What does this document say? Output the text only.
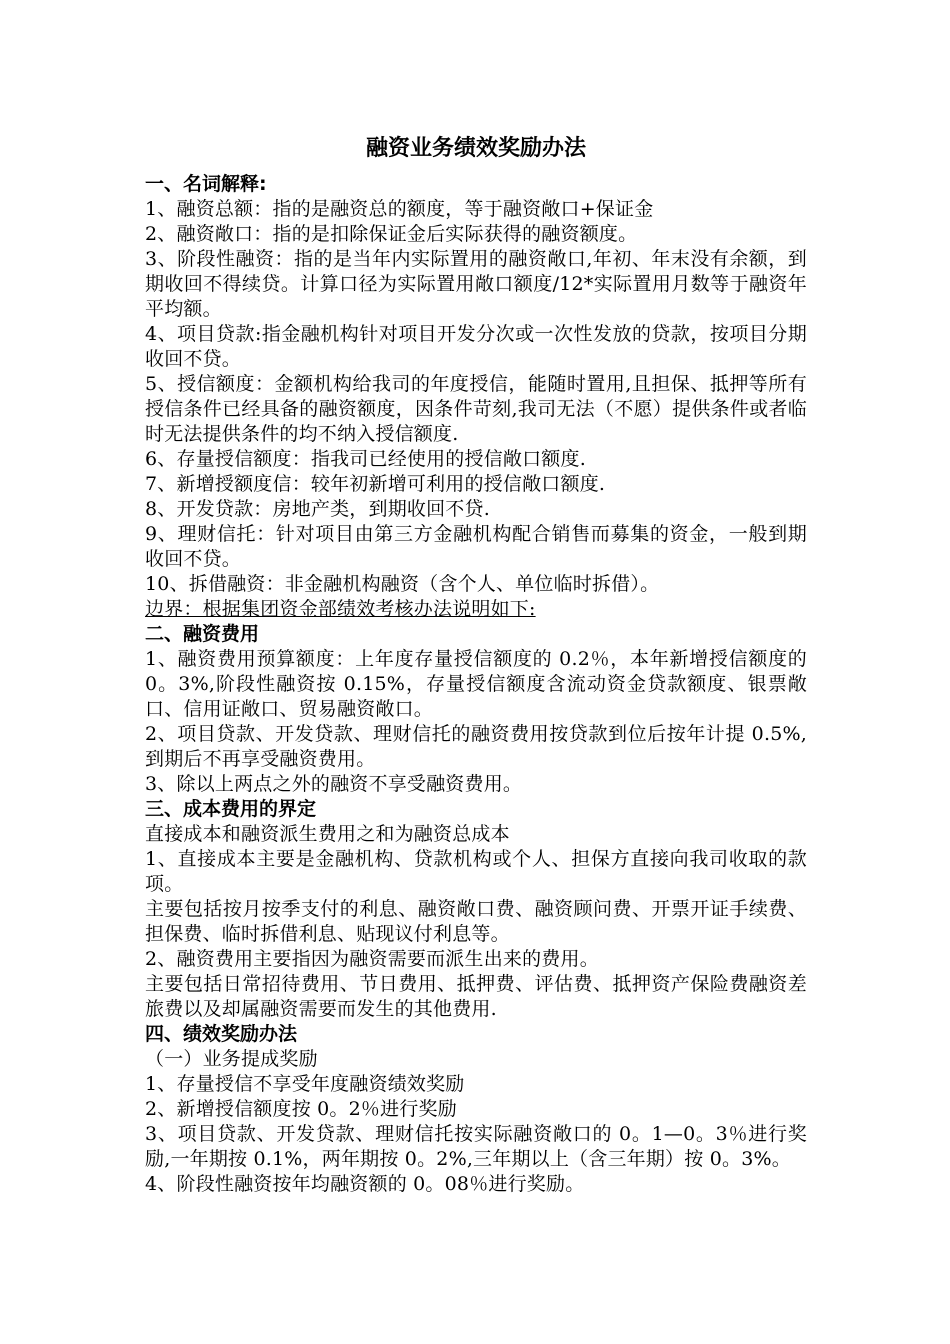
融资业务绩效奖励办法

一、名词解释:

1、融资总额：指的是融资总的额度，等于融资敞口+保证金

2、融资敞口：指的是扣除保证金后实际获得的融资额度。

3、阶段性融资：指的是当年内实际置用的融资敞口,年初、年末没有余额，到期收回不得续贷。计算口径为实际置用敞口额度/12*实际置用月数等于融资年平均额。

4、项目贷款:指金融机构针对项目开发分次或一次性发放的贷款，按项目分期收回不贷。

5、授信额度：金额机构给我司的年度授信，能随时置用,且担保、抵押等所有授信条件已经具备的融资额度，因条件苛刻,我司无法（不愿）提供条件或者临时无法提供条件的均不纳入授信额度.

6、存量授信额度：指我司已经使用的授信敞口额度.

7、新增授额度信：较年初新增可利用的授信敞口额度.

8、开发贷款：房地产类，到期收回不贷.

9、理财信托：针对项目由第三方金融机构配合销售而募集的资金，一般到期收回不贷。

10、拆借融资：非金融机构融资（含个人、单位临时拆借）。

边界：根据集团资金部绩效考核办法说明如下:

二、融资费用

1、融资费用预算额度：上年度存量授信额度的 0.2％，本年新增授信额度的 0。3%,阶段性融资按 0.15%，存量授信额度含流动资金贷款额度、银票敞口、信用证敞口、贸易融资敞口。

2、项目贷款、开发贷款、理财信托的融资费用按贷款到位后按年计提 0.5%,到期后不再享受融资费用。

3、除以上两点之外的融资不享受融资费用。

三、成本费用的界定

直接成本和融资派生费用之和为融资总成本

1、直接成本主要是金融机构、贷款机构或个人、担保方直接向我司收取的款项。

主要包括按月按季支付的利息、融资敞口费、融资顾问费、开票开证手续费、担保费、临时拆借利息、贴现议付利息等。

2、融资费用主要指因为融资需要而派生出来的费用。

主要包括日常招待费用、节日费用、抵押费、评估费、抵押资产保险费融资差旅费以及却属融资需要而发生的其他费用.

四、绩效奖励办法

（一）业务提成奖励

1、存量授信不享受年度融资绩效奖励

2、新增授信额度按 0。2％进行奖励

3、项目贷款、开发贷款、理财信托按实际融资敞口的 0。1—0。3％进行奖励,一年期按 0.1%，两年期按 0。2%,三年期以上（含三年期）按 0。3%。

4、阶段性融资按年均融资额的 0。08％进行奖励。
